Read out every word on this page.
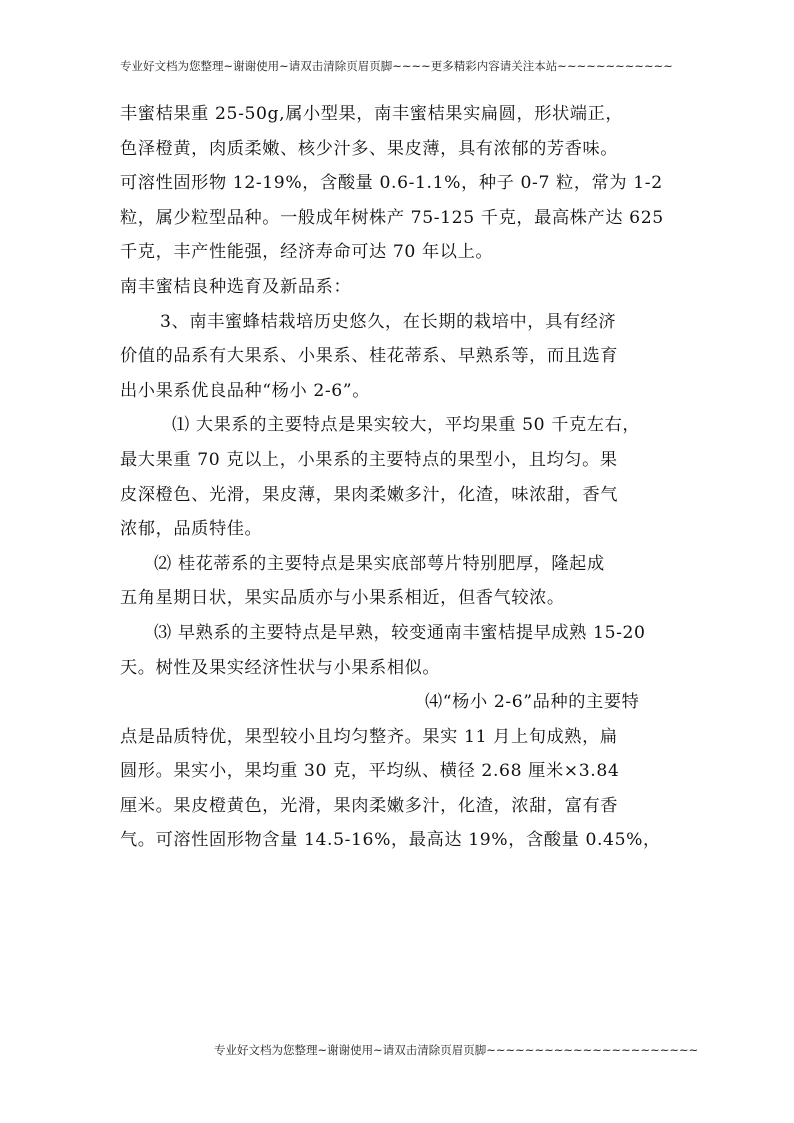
专业好文档为您整理~谢谢使用~请双击清除页眉页脚~~~~更多精彩内容请关注本站~~~~~~~~~~~~
丰蜜桔果重 25-50g,属小型果，南丰蜜桔果实扁圆，形状端正，
色泽橙黄，肉质柔嫩、核少汁多、果皮薄，具有浓郁的芳香味。
可溶性固形物 12-19%，含酸量 0.6-1.1%，种子 0-7 粒，常为 1-2
粒，属少粒型品种。一般成年树株产 75-125 千克，最高株产达 625
千克，丰产性能强，经济寿命可达 70 年以上。
南丰蜜桔良种选育及新品系：
3、南丰蜜蜂桔栽培历史悠久，在长期的栽培中，具有经济
价值的品系有大果系、小果系、桂花蒂系、早熟系等，而且选育
出小果系优良品种“杨小 2-6”。
⑴ 大果系的主要特点是果实较大，平均果重 50 千克左右，
最大果重 70 克以上，小果系的主要特点的果型小，且均匀。果
皮深橙色、光滑，果皮薄，果肉柔嫩多汁，化渣，味浓甜，香气
浓郁，品质特佳。
⑵ 桂花蒂系的主要特点是果实底部萼片特别肥厚，隆起成
五角星期日状，果实品质亦与小果系相近，但香气较浓。
⑶ 早熟系的主要特点是早熟，较变通南丰蜜桔提早成熟 15-20
天。树性及果实经济性状与小果系相似。
⑷“杨小 2-6”品种的主要特
点是品质特优，果型较小且均匀整齐。果实 11 月上旬成熟，扁
圆形。果实小，果均重 30 克，平均纵、横径 2.68 厘米×3.84
厘米。果皮橙黄色，光滑，果肉柔嫩多汁，化渣，浓甜，富有香
气。可溶性固形物含量 14.5-16%，最高达 19%，含酸量 0.45%，
专业好文档为您整理~谢谢使用~请双击清除页眉页脚~~~~~~~~~~~~~~~~~~~~~~
